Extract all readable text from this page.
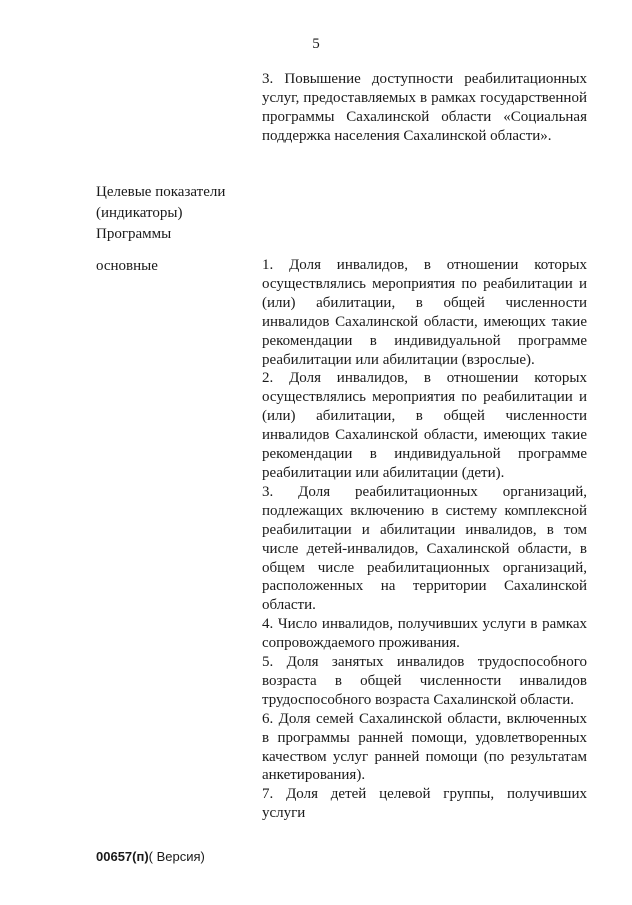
5

3. Повышение доступности реабилитационных услуг, предоставляемых в рамках государственной программы Сахалинской области «Социальная поддержка населения Сахалинской области».

Целевые показатели
(индикаторы)
Программы
основные	1. Доля инвалидов, в отношении которых осуществлялись мероприятия по реабилитации и (или) абилитации, в общей численности инвалидов Сахалинской области, имеющих такие рекомендации в индивидуальной программе реабилитации или абилитации (взрослые).

2. Доля инвалидов, в отношении которых осуществлялись мероприятия по реабилитации и (или) абилитации, в общей численности инвалидов Сахалинской области, имеющих такие рекомендации в индивидуальной программе реабилитации или абилитации (дети).

3. Доля реабилитационных организаций, подлежащих включению в систему комплексной реабилитации и абилитации инвалидов, в том числе детей-инвалидов, Сахалинской области, в общем числе реабилитационных организаций, расположенных на территории Сахалинской области.

4. Число инвалидов, получивших услуги в рамках сопровождаемого проживания.

5. Доля занятых инвалидов трудоспособного возраста в общей численности инвалидов трудоспособного возраста Сахалинской области.

6. Доля семей Сахалинской области, включенных в программы ранней помощи, удовлетворенных качеством услуг ранней помощи (по результатам анкетирования).

7. Доля детей целевой группы, получивших услуги

00657(п)( Версия)
